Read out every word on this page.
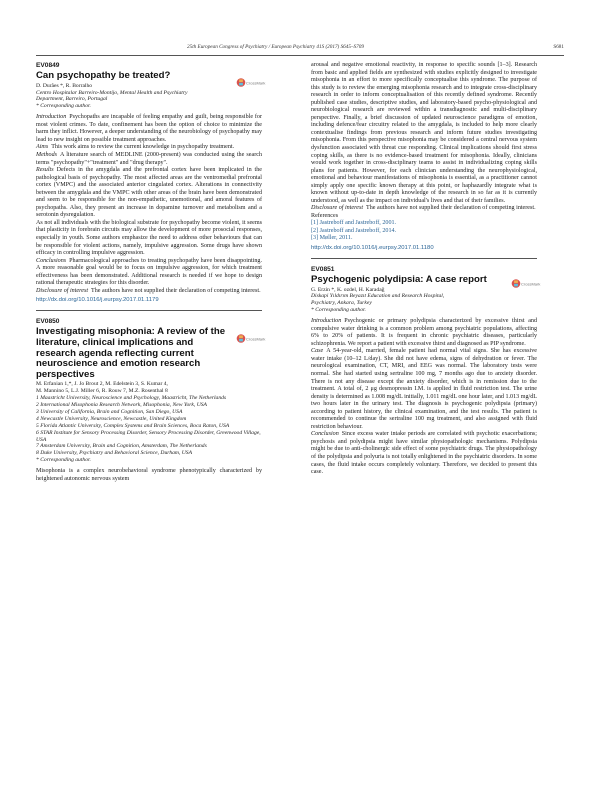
25th European Congress of Psychiatry / European Psychiatry 41S (2017) S645–S709	S681
EV0849
CrossMark
Can psychopathy be treated?
D. Durães *, R. Borralho
Centro Hospitalar Barreiro-Montijo, Mental Health and Psychiatry
Department, Barreiro, Portugal
* Corresponding author.

Introduction Psychopaths are incapable of feeling empathy and guilt, being responsible for most violent crimes. To date, confinement has been the option of choice to minimize the harm they inflict. However, a deeper understanding of the neurobiology of psychopathy may lead to new insight on possible treatment approaches.

Aims This work aims to review the current knowledge in psychopathy treatment.

Methods A literature search of MEDLINE (2000-present) was conducted using the search terms "psychopathy"+"treatment" and "drug therapy".

Results Defects in the amygdala and the prefrontal cortex have been implicated in the pathological basis of psychopathy. The most affected areas are the ventromedial prefrontal cortex (VMPC) and the associated anterior cingulated cortex. Alterations in connectivity between the amygdala and the VMPC with other areas of the brain have been demonstrated and seem to be responsible for the non-empathetic, unemotional, and amoral features of psychopaths. Also, they present an increase in dopamine turnover and metabolism and a serotonin dysregulation.

As not all individuals with the biological substrate for psychopathy become violent, it seems that plasticity in forebrain circuits may allow the development of more prosocial responses, especially in youth. Some authors emphasize the need to address other behaviours that can be responsible for violent actions, namely, impulsive aggression. Some drugs have shown efficacy in controlling impulsive aggression.

Conclusions Pharmacological approaches to treating psychopathy have been disappointing. A more reasonable goal would be to focus on impulsive aggression, for which treatment effectiveness has been demonstrated. Additional research is needed if we hope to design rational therapeutic strategies for this disorder.

Disclosure of interest The authors have not supplied their declaration of competing interest.

http://dx.doi.org/10.1016/j.eurpsy.2017.01.1179
EV0850
CrossMark
Investigating misophonia: A review of the literature, clinical implications and research agenda reflecting current neuroscience and emotion research perspectives
M. Erfanian 1,*, J. Jo Brout 2, M. Edelstein 3, S. Kumar 4,
M. Mannino 5, L.J. Miller 6, R. Rouw 7, M.Z. Rosenthal 8
1 Maastricht University, Neuroscience and Psychology, Maastricht, The Netherlands
2 International Misophonia Research Network, Misophonia, New York, USA
3 University of California, Brain and Cognition, San Diego, USA
4 Newcastle University, Neuroscience, Newcastle, United Kingdom
5 Florida Atlantic University, Complex Systems and Brain Sciences, Boca Raton, USA
6 STAR Institute for Sensory Processing Disorder, Sensory Processing Disorder, Greenwood Village, USA
7 Amsterdam University, Brain and Cognition, Amsterdam, The Netherlands
8 Duke University, Psychiatry and Behavioral Science, Durham, USA
* Corresponding author.

Misophonia is a complex neurobehavioral syndrome phenotypically characterized by heightened autonomic nervous system

arousal and negative emotional reactivity, in response to specific sounds [1–3]. Research from basic and applied fields are synthesized with studies explicitly designed to investigate misophonia in an effort to more specifically conceptualise this syndrome. The purpose of this study is to review the emerging misophonia research and to integrate cross-disciplinary research in order to inform conceptualisation of this recently defined syndrome. Recently published case studies, descriptive studies, and laboratory-based psycho-physiological and neurobiological research are reviewed within a transdiagnostic and multi-disciplinary perspective. Finally, a brief discussion of updated neuroscience paradigms of emotion, including defence/fear circuitry related to the amygdala, is included to help more clearly contextualise findings from previous research and inform future studies investigating misophonia. From this perspective misophonia may be considered a central nervous system dysfunction associated with threat cue responding. Clinical implications should first stress coping skills, as there is no evidence-based treatment for misophonia. Ideally, clinicians would work together in cross-disciplinary teams to assist in individualizing coping skills plans for patients. However, for each clinician understanding the neurophysiological, emotional and behaviour manifestations of misophonia is essential, as a practitioner cannot simply apply one specific known therapy at this point, or haphazardly integrate what is known without up-to-date in depth knowledge of the research in so far as it is currently understood, as well as the impact on individual's lives and that of their families.

Disclosure of interest The authors have not supplied their declaration of competing interest.

References

[1] Jastreboff and Jastreboff, 2001.

[2] Jastreboff and Jastreboff, 2014.

[3] Møller, 2011.

http://dx.doi.org/10.1016/j.eurpsy.2017.01.1180
EV0851
CrossMark
Psychogenic polydipsia: A case report
G. Erzin *, K. ozdel, H. Karadağ
Diskapi Yıldırım Beyazıt Education and Research Hospital,
Psychiatry, Ankara, Turkey
* Corresponding author.

Introduction Psychogenic or primary polydipsia characterized by excessive thirst and compulsive water drinking is a common problem among psychiatric populations, affecting 6% to 20% of patients. It is frequent in chronic psychiatric diseases, particularly schizophrenia. We report a patient with excessive thirst and diagnosed as PIP syndrome.

Case A 54-year-old, married, female patient had normal vital signs. She has excessive water intake (10–12 L/day). She did not have edema, signs of dehydration or fever. The neurological examination, CT, MRI, and EEG was normal. The laboratory tests were normal. She had started using sertraline 100 mg, 7 months ago due to anxiety disorder. There is not any disease except the anxiety disorder, which is in remission due to the treatment. A total of, 2 μg desmopressin I.M. is applied in fluid restriction test. The urine density is determined as 1.008 mg/dL initially, 1.011 mg/dL one hour later, and 1.013 mg/dL two hours later in the urinary test. The diagnosis is psychogenic polydipsia (primary) according to patient history, the clinical examination, and the test results. The patient is recommended to continue the sertraline 100 mg treatment, and also assigned with fluid restriction behaviour.

Conclusion Since excess water intake periods are correlated with psychotic exacerbations; psychosis and polydipsia might have similar physiopathologic mechanisms. Polydipsia might be due to anti-cholinergic side effect of some psychiatric drugs. The physiopathology of the polydipsia and polyuria is not totally enlightened in the psychiatric disorders. In some cases, the fluid intake occurs completely voluntary. Therefore, we decided to present this case.
